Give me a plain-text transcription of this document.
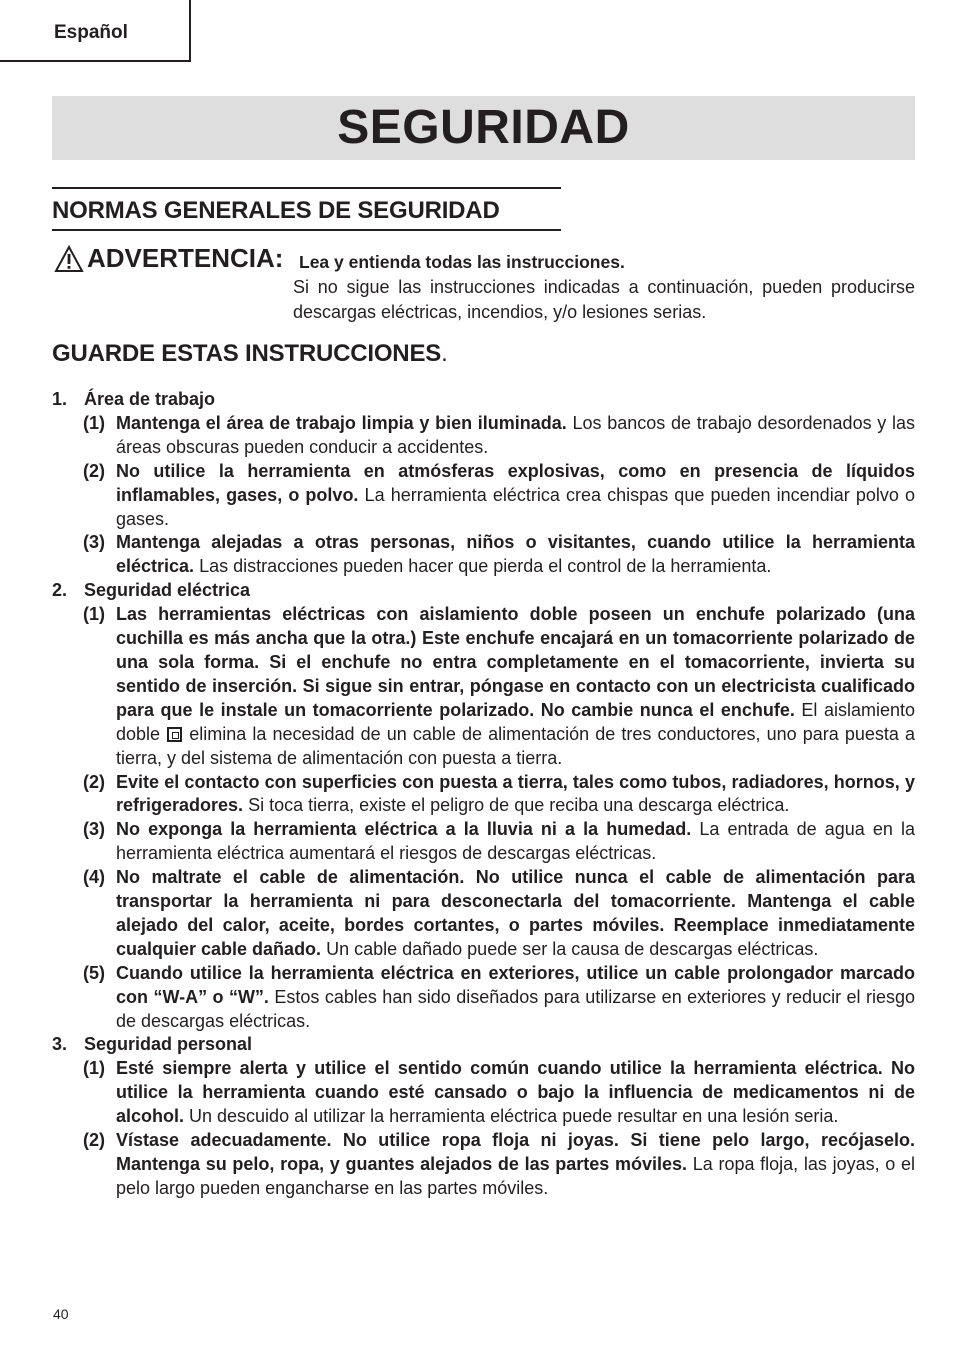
Español
SEGURIDAD
NORMAS GENERALES DE SEGURIDAD
ADVERTENCIA: Lea y entienda todas las instrucciones.
Si no sigue las instrucciones indicadas a continuación, pueden producirse descargas eléctricas, incendios, y/o lesiones serias.
GUARDE ESTAS INSTRUCCIONES.
1. Área de trabajo
(1) Mantenga el área de trabajo limpia y bien iluminada. Los bancos de trabajo desordenados y las áreas obscuras pueden conducir a accidentes.
(2) No utilice la herramienta en atmósferas explosivas, como en presencia de líquidos inflamables, gases, o polvo. La herramienta eléctrica crea chispas que pueden incendiar polvo o gases.
(3) Mantenga alejadas a otras personas, niños o visitantes, cuando utilice la herramienta eléctrica. Las distracciones pueden hacer que pierda el control de la herramienta.
2. Seguridad eléctrica
(1) Las herramientas eléctricas con aislamiento doble poseen un enchufe polarizado (una cuchilla es más ancha que la otra.) Este enchufe encajará en un tomacorriente polarizado de una sola forma. Si el enchufe no entra completamente en el tomacorriente, invierta su sentido de inserción. Si sigue sin entrar, póngase en contacto con un electricista cualificado para que le instale un tomacorriente polarizado. No cambie nunca el enchufe. El aislamiento doble
elimina la necesidad de un cable de alimentación de tres conductores, uno para puesta a tierra, y del sistema de alimentación con puesta a tierra.
(2) Evite el contacto con superficies con puesta a tierra, tales como tubos, radiadores, hornos, y refrigeradores. Si toca tierra, existe el peligro de que reciba una descarga eléctrica.
(3) No exponga la herramienta eléctrica a la lluvia ni a la humedad. La entrada de agua en la herramienta eléctrica aumentará el riesgos de descargas eléctricas.
(4) No maltrate el cable de alimentación. No utilice nunca el cable de alimentación para transportar la herramienta ni para desconectarla del tomacorriente. Mantenga el cable alejado del calor, aceite, bordes cortantes, o partes móviles. Reemplace inmediatamente cualquier cable dañado. Un cable dañado puede ser la causa de descargas eléctricas.
(5) Cuando utilice la herramienta eléctrica en exteriores, utilice un cable prolongador marcado con “W-A” o “W”. Estos cables han sido diseñados para utilizarse en exteriores y reducir el riesgo de descargas eléctricas.
3. Seguridad personal
(1) Esté siempre alerta y utilice el sentido común cuando utilice la herramienta eléctrica. No utilice la herramienta cuando esté cansado o bajo la influencia de medicamentos ni de alcohol. Un descuido al utilizar la herramienta eléctrica puede resultar en una lesión seria.
(2) Vístase adecuadamente. No utilice ropa floja ni joyas. Si tiene pelo largo, recójaselo. Mantenga su pelo, ropa, y guantes alejados de las partes móviles. La ropa floja, las joyas, o el pelo largo pueden engancharse en las partes móviles.
40
